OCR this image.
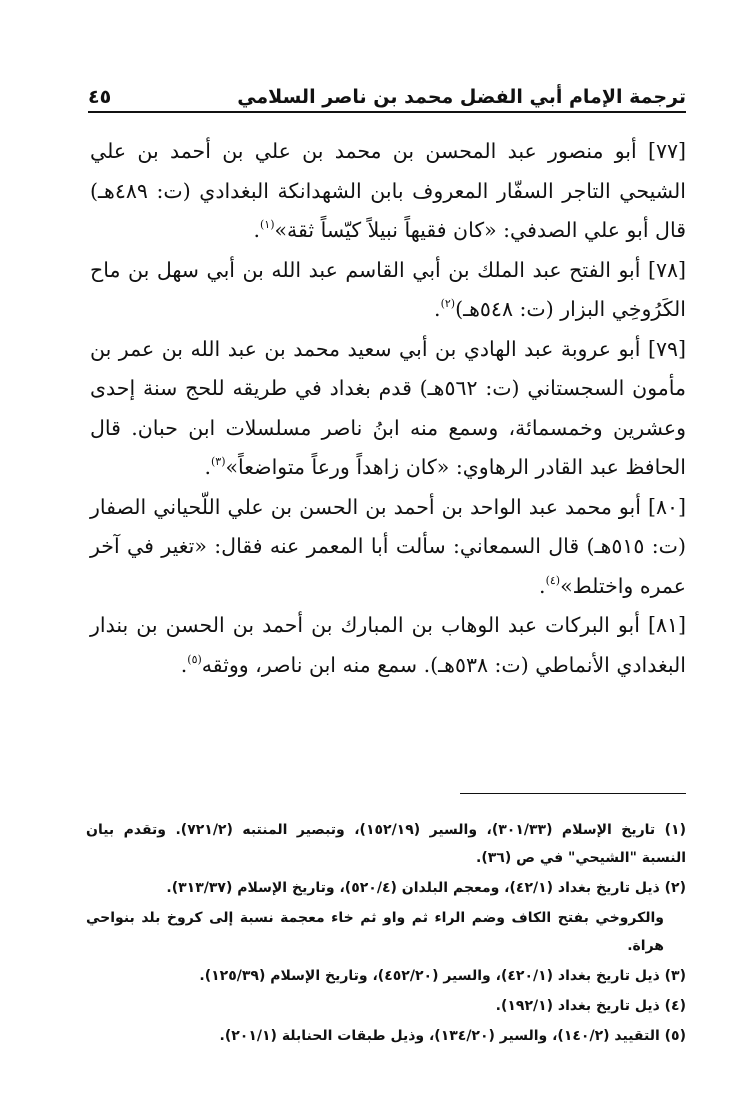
ترجمة الإمام أبي الفضل محمد بن ناصر السلامي
٤٥

[٧٧] أبو منصور عبد المحسن بن محمد بن علي بن أحمد بن علي الشيحي التاجر السفّار المعروف بابن الشهدانكة البغدادي (ت: ٤٨٩هـ) قال أبو علي الصدفي: «كان فقيهاً نبيلاً كيّساً ثقة»$^{(١)}$.

[٧٨] أبو الفتح عبد الملك بن أبي القاسم عبد الله بن أبي سهل بن ماح الكَرُوخِي البزار (ت: ٥٤٨هـ)$^{(٢)}$.

[٧٩] أبو عروبة عبد الهادي بن أبي سعيد محمد بن عبد الله بن عمر بن مأمون السجستاني (ت: ٥٦٢هـ) قدم بغداد في طريقه للحج سنة إحدى وعشرين وخمسمائة، وسمع منه ابنُ ناصر مسلسلات ابن حبان. قال الحافظ عبد القادر الرهاوي: «كان زاهداً ورعاً متواضعاً»$^{(٣)}$.

[٨٠] أبو محمد عبد الواحد بن أحمد بن الحسن بن علي اللّحياني الصفار (ت: ٥١٥هـ) قال السمعاني: سألت أبا المعمر عنه فقال: «تغير في آخر عمره واختلط»$^{(٤)}$.

[٨١] أبو البركات عبد الوهاب بن المبارك بن أحمد بن الحسن بن بندار البغدادي الأنماطي (ت: ٥٣٨هـ). سمع منه ابن ناصر، ووثقه$^{(٥)}$.

(١) تاريخ الإسلام (٣٠١/٣٣)، والسير (١٥٢/١٩)، وتبصير المنتبه (٧٢١/٢). وتقدم بيان النسبة "الشيحي" في ص (٣٦).

(٢) ذيل تاريخ بغداد (٤٢/١)، ومعجم البلدان (٥٢٠/٤)، وتاريخ الإسلام (٣١٣/٣٧).

والكروخي بفتح الكاف وضم الراء ثم واو ثم خاء معجمة نسبة إلى كروخ بلد بنواحي هراة.

(٣) ذيل تاريخ بغداد (٤٢٠/١)، والسير (٤٥٢/٢٠)، وتاريخ الإسلام (١٢٥/٣٩).

(٤) ذيل تاريخ بغداد (١٩٢/١).

(٥) التقييد (١٤٠/٢)، والسير (١٣٤/٢٠)، وذيل طبقات الحنابلة (٢٠١/١).
